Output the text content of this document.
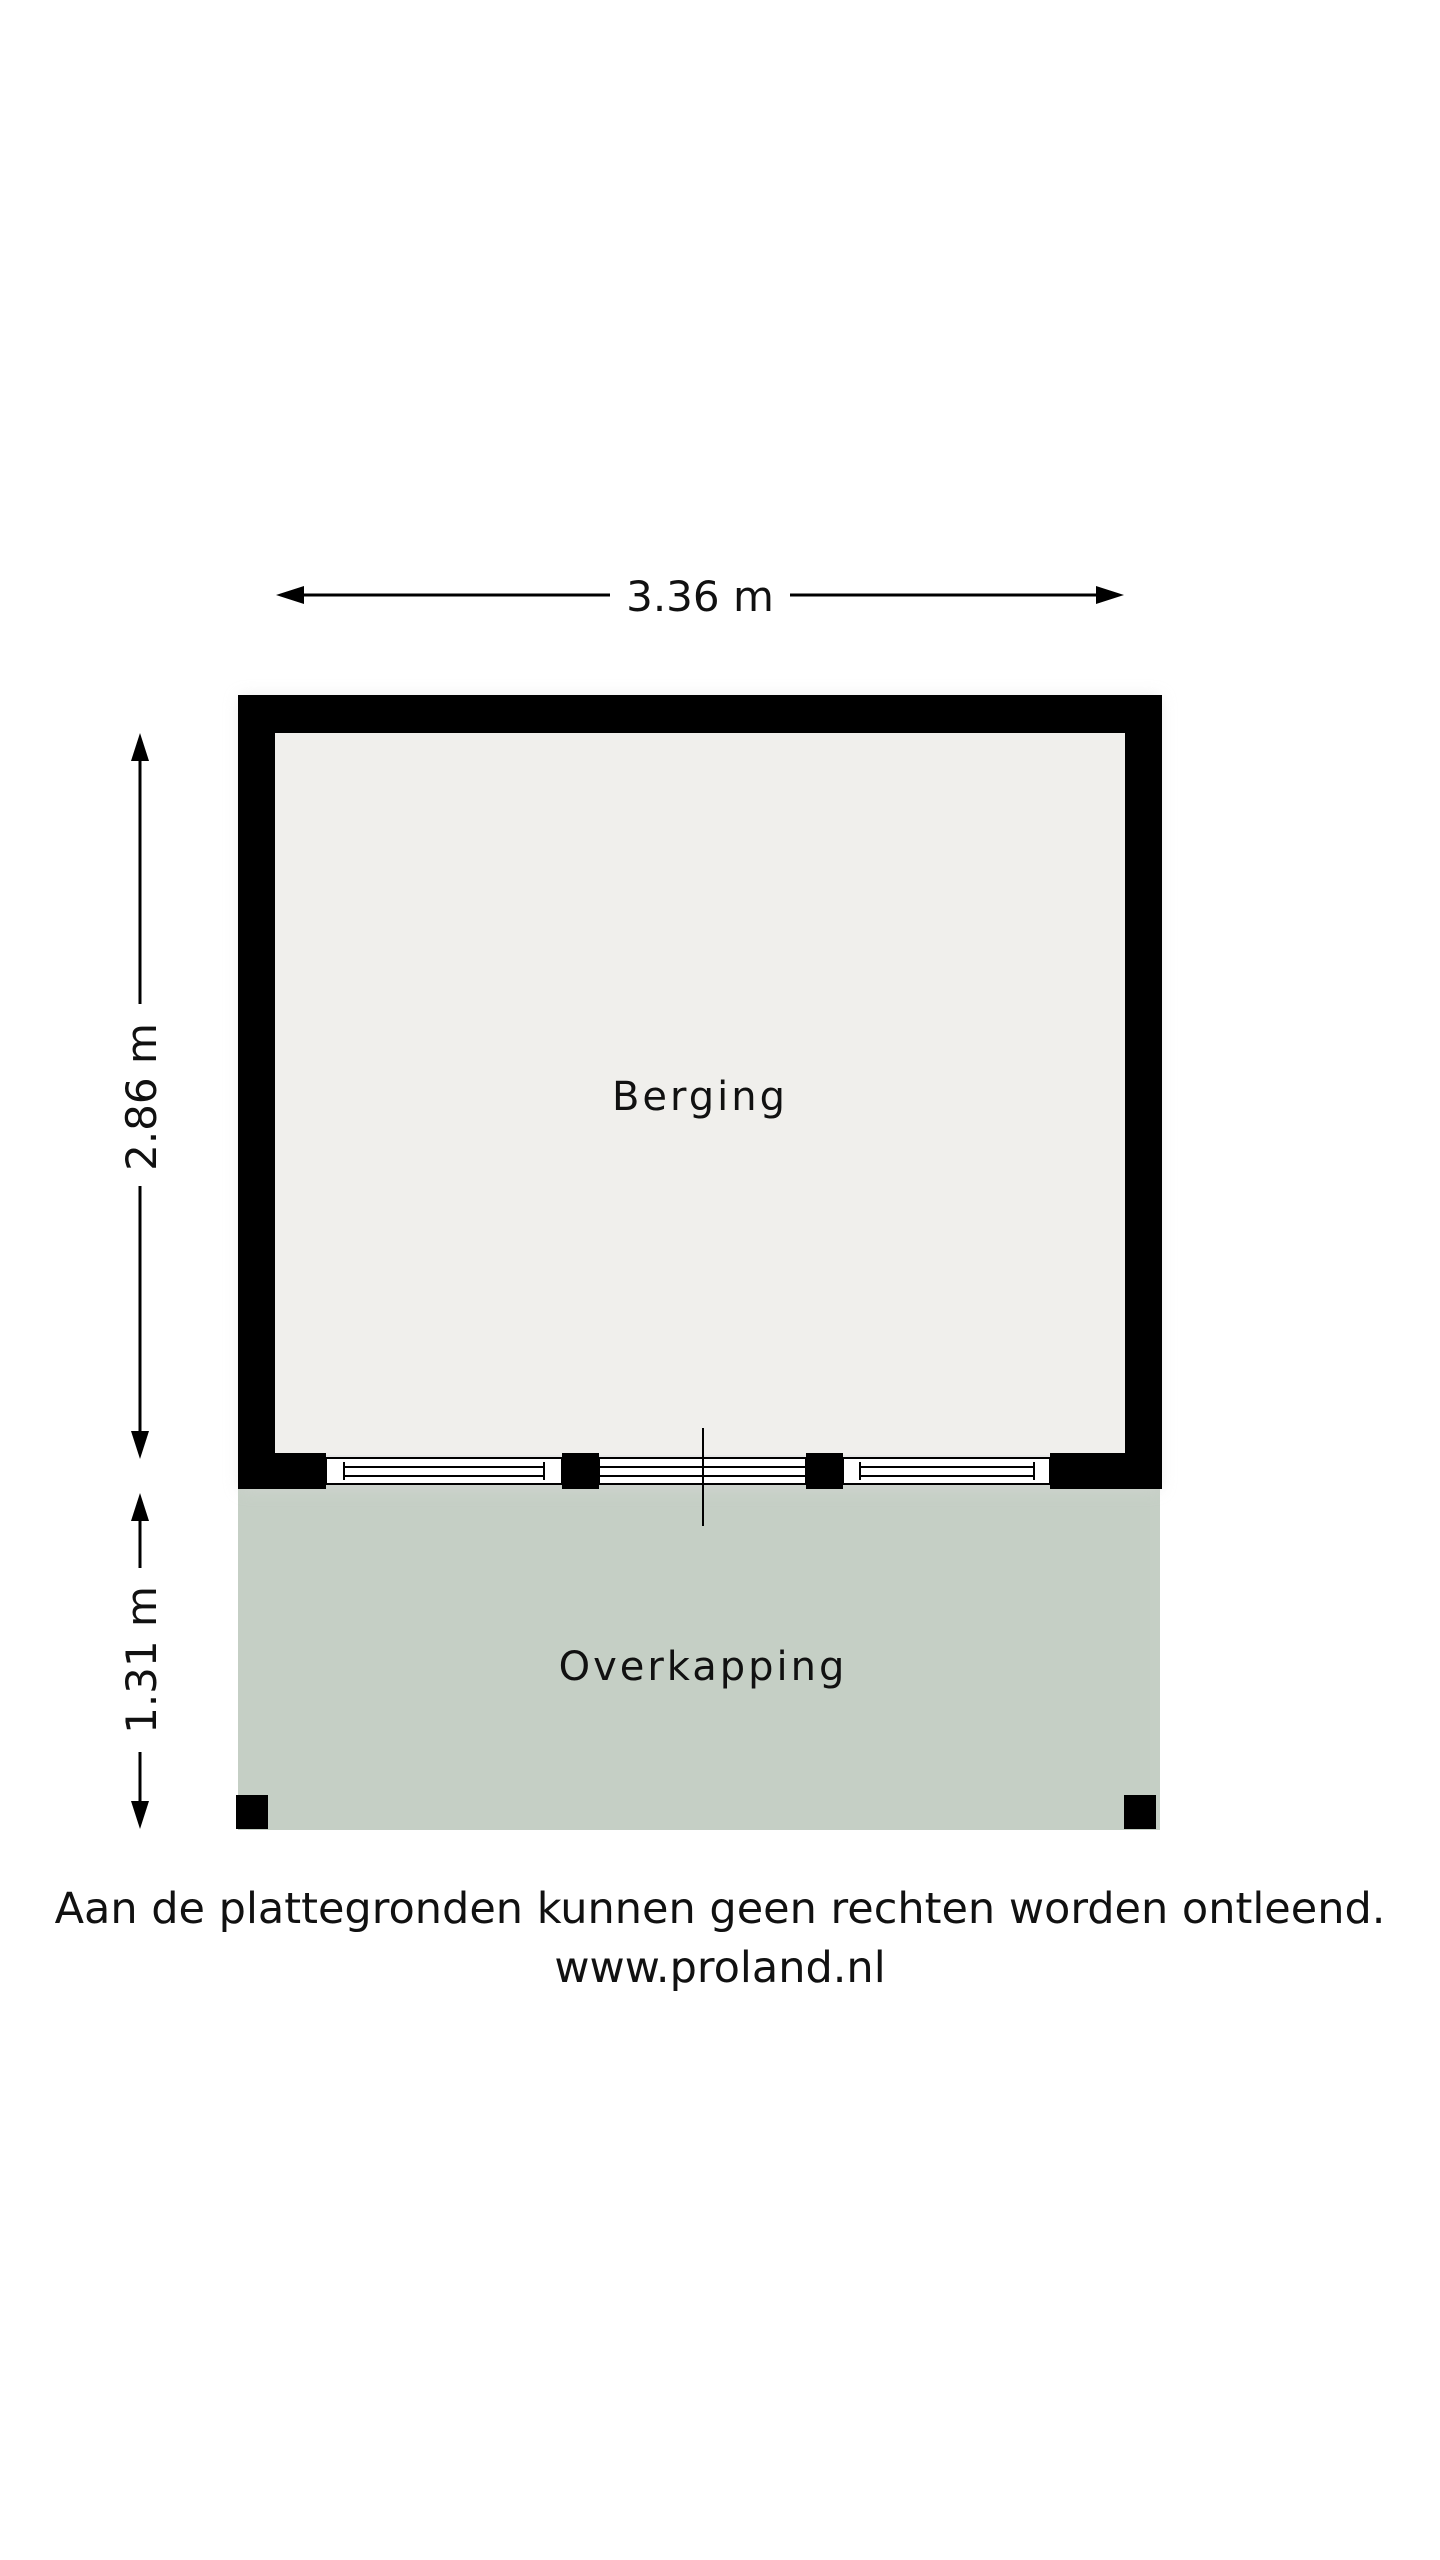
Berging
Overkapping
3.36 m
2.86 m
1.31 m
Aan de plattegronden kunnen geen rechten worden ontleend.
www.proland.nl
